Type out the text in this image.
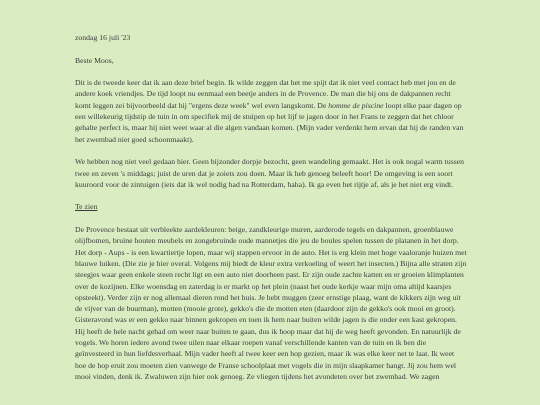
zondag 16 juli '23

Beste Moos,

Dit is de tweede keer dat ik aan deze brief begin. Ik wilde zeggen dat het me spijt dat ik niet veel contact heb met jou en de andere koek vriendjes. De tijd loopt nu eenmaal een beetje anders in de Provence. De man die bij ons de dakpannen recht komt leggen zei bijvoorbeeld dat hij "ergens deze week" wel even langskomt. De homme de piscine loopt elke paar dagen op een willekeurig tijdstip de tuin in om specifiek mij de stuipen op het lijf te jagen door in het Frans te zeggen dat het chloor gehalte perfect is, maar hij niet weet waar al die algen vandaan komen. (Mijn vader verdenkt hem ervan dat hij de randen van het zwembad niet goed schoonmaakt).

We hebben nog niet veel gedaan hier. Geen bijzonder dorpje bezocht, geen wandeling gemaakt. Het is ook nogal warm tussen twee en zeven 's middags; juist de uren dat je zoiets zou doen. Maar ik heb genoeg beleeft hoor! De omgeving is een soort kuuroord voor de zintuigen (iets dat ik wel nodig had na Rotterdam, haha). Ik ga even het rijtje af, als je het niet erg vindt.

Te zien

De Provence bestaat uit verbleekte aardekleuren: beige, zandkleurige muren, aarderode tegels en dakpannen, groenblauwe olijfbomen, bruine houten meubels en zongebruinde oude mannetjes die jeu de boules spelen tussen de platanen in het dorp. Het dorp - Aups - is een kwartiertje lopen, maar wij stappen ervoor in de auto. Het is erg klein met hoge vaaloranje huizen met blauwe luiken. (Die zie je hier overal. Volgens mij biedt de kleur extra verkoeling of weert het insecten.) Bijna alle straten zijn steegjes waar geen enkele steen recht ligt en een auto niet doorheen past. Er zijn oude zachte katten en er groeien klimplanten over de kozijnen. Elke woensdag en zaterdag is er markt op het plein (naast het oude kerkje waar mijn oma altijd kaarsjes opsteekt). Verder zijn er nog allemaal dieren rond het huis. Je hebt muggen (zeer ernstige plaag, want de kikkers zijn weg uit de vijver van de buurman), motten (mooie grote), gekko's die de motten eten (daardoor zijn de gekko's ook mooi en groot). Gisteravond was er een gekko naar binnen gekropen en toen ik hem naar buiten wilde jagen is die onder een kast gekropen. Hij heeft de hele nacht gehad om weer naar buiten te gaan, dus ik hoop maar dat hij de weg heeft gevonden. En natuurlijk de vogels. We horen iedere avond twee uilen naar elkaar roepen vanaf verschillende kanten van de tuin en ik ben die geïnvesteerd in hun liefdesverhaal. Mijn vader heeft al twee keer een hop gezien, maar ik was elke keer net te laat. Ik weet hoe de hop eruit zou moeten zien vanwege de Franse schoolplaat met vogels die in mijn slaapkamer hangt. Jij zou hem wel mooi vinden, denk ik. Zwaluwen zijn hier ook genoeg. Ze vliegen tijdens het avondeten over het zwembad. We zagen
